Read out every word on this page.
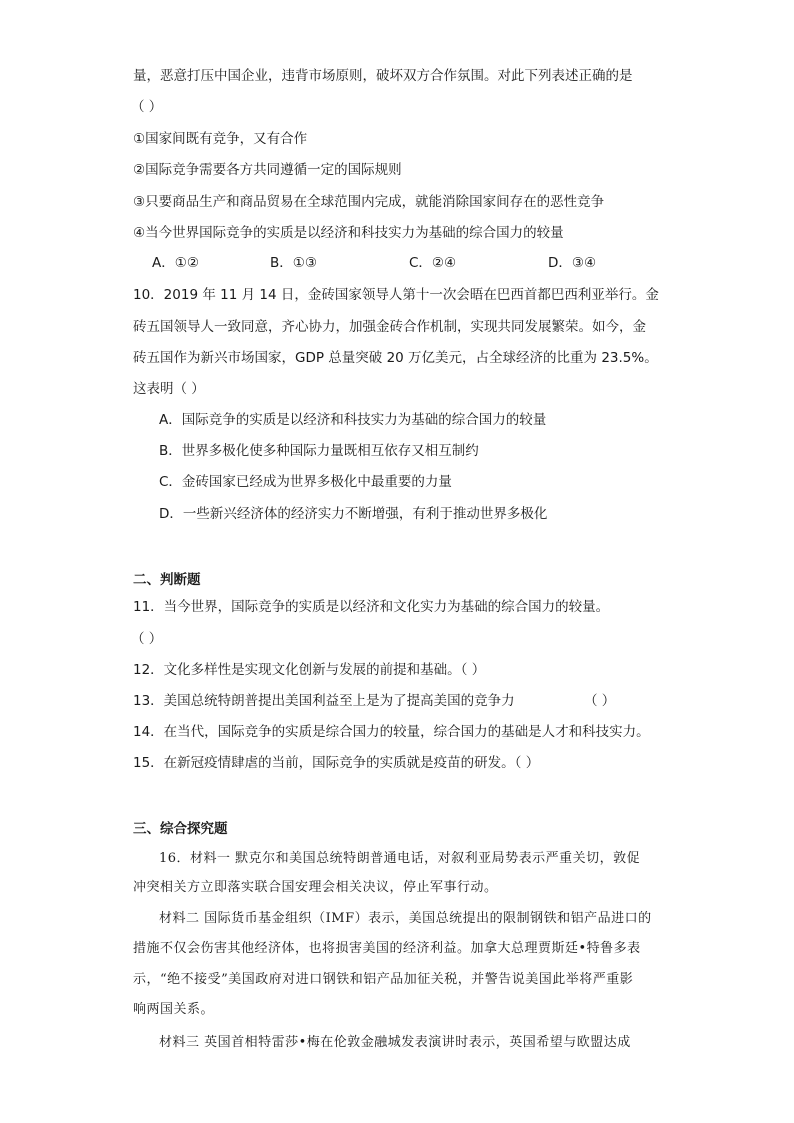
量，恶意打压中国企业，违背市场原则，破坏双方合作氛围。对此下列表述正确的是
（ ）
①国家间既有竞争，又有合作
②国际竞争需要各方共同遵循一定的国际规则
③只要商品生产和商品贸易在全球范围内完成，就能消除国家间存在的恶性竞争
④当今世界国际竞争的实质是以经济和科技实力为基础的综合国力的较量
A．①②	B．①③	C．②④	D．③④
10．2019 年 11 月 14 日，金砖国家领导人第十一次会晤在巴西首都巴西利亚举行。金
砖五国领导人一致同意，齐心协力，加强金砖合作机制，实现共同发展繁荣。如今，金
砖五国作为新兴市场国家，GDP 总量突破 20 万亿美元，占全球经济的比重为 23.5%。
这表明（ ）
A．国际竞争的实质是以经济和科技实力为基础的综合国力的较量
B．世界多极化使多种国际力量既相互依存又相互制约
C．金砖国家已经成为世界多极化中最重要的力量
D．一些新兴经济体的经济实力不断增强，有利于推动世界多极化
二、判断题
11．当今世界，国际竞争的实质是以经济和文化实力为基础的综合国力的较量。
（ ）
12．文化多样性是实现文化创新与发展的前提和基础。（ ）
13．美国总统特朗普提出美国利益至上是为了提高美国的竞争力	（ ）
14．在当代，国际竞争的实质是综合国力的较量，综合国力的基础是人才和科技实力。
15．在新冠疫情肆虐的当前，国际竞争的实质就是疫苗的研发。（ ）
三、综合探究题
16．材料一 默克尔和美国总统特朗普通电话，对叙利亚局势表示严重关切，敦促
冲突相关方立即落实联合国安理会相关决议，停止军事行动。
材料二 国际货币基金组织（IMF）表示，美国总统提出的限制钢铁和铝产品进口的
措施不仅会伤害其他经济体，也将损害美国的经济利益。加拿大总理贾斯廷•特鲁多表
示，“绝不接受”美国政府对进口钢铁和铝产品加征关税，并警告说美国此举将严重影
响两国关系。
材料三 英国首相特雷莎•梅在伦敦金融城发表演讲时表示，英国希望与欧盟达成
